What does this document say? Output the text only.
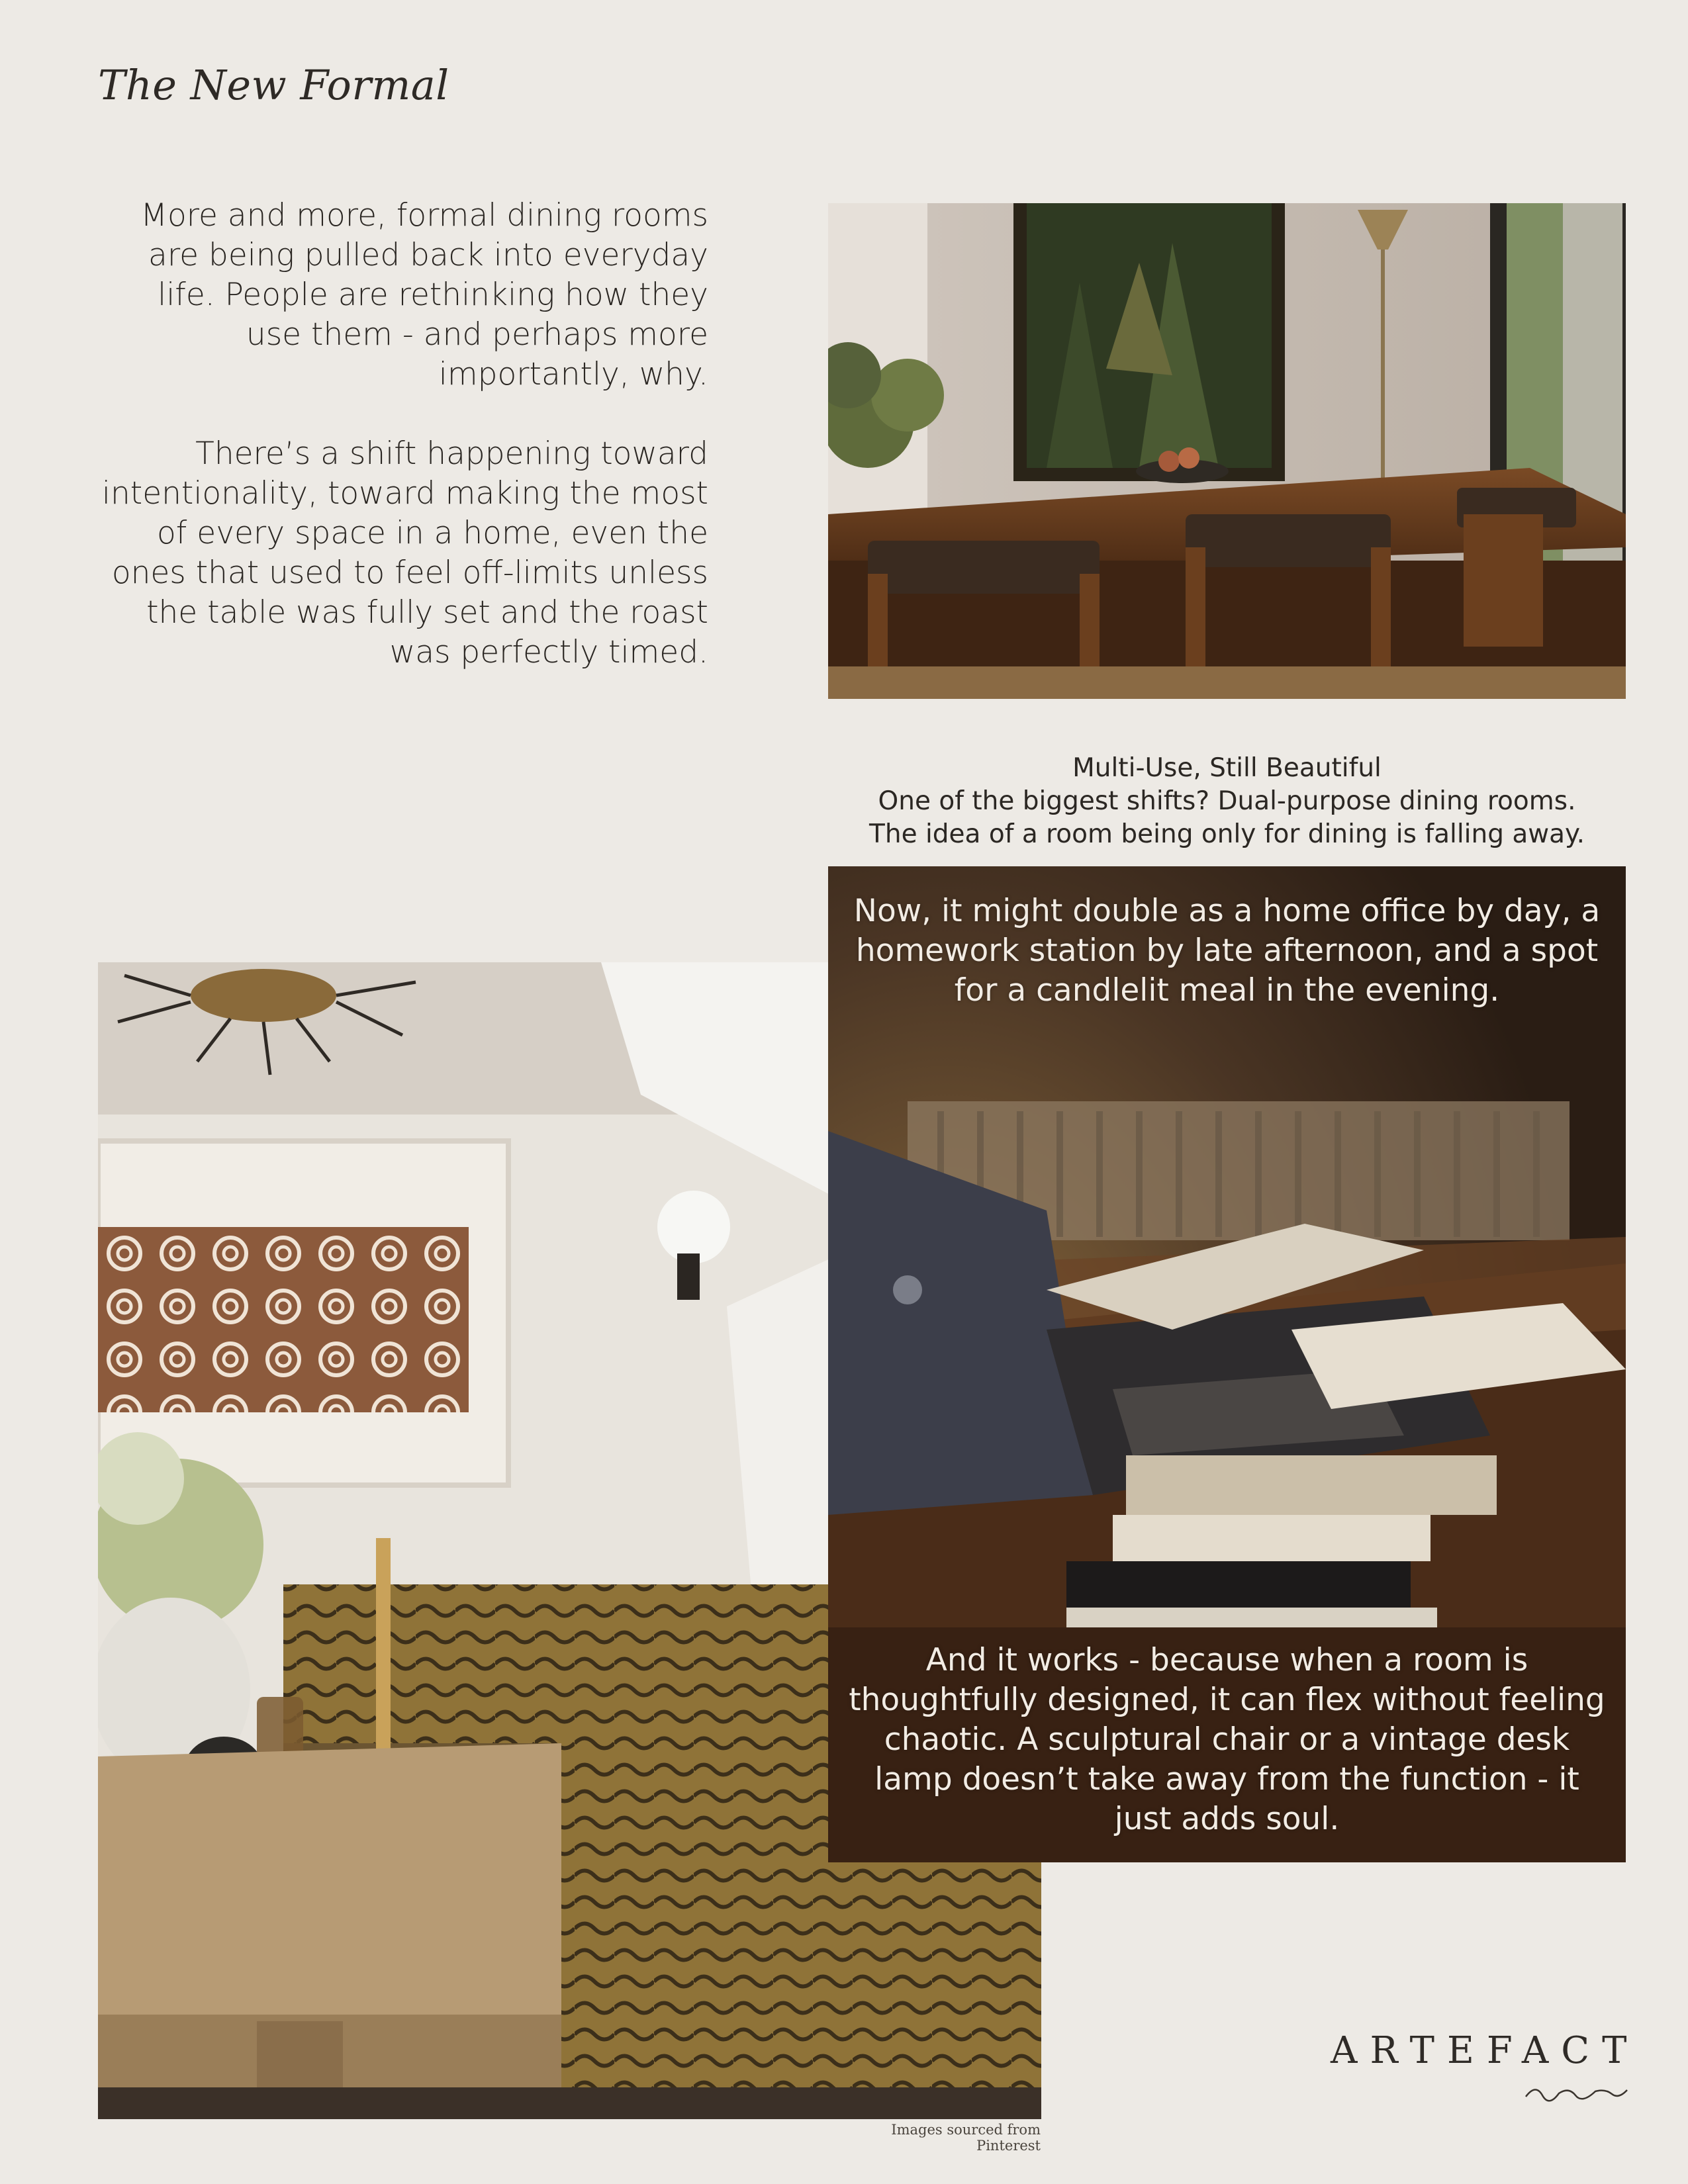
The New Formal

More and more, formal dining rooms are being pulled back into everyday life. People are rethinking how they use them - and perhaps more importantly, why.

There’s a shift happening toward intentionality, toward making the most of every space in a home, even the ones that used to feel off-limits unless the table was fully set and the roast was perfectly timed.

Multi-Use, Still Beautiful
One of the biggest shifts? Dual-purpose dining rooms.
The idea of a room being only for dining is falling away.
Now, it might double as a home office by day, a homework station by late afternoon, and a spot for a candlelit meal in the evening.
And it works - because when a room is thoughtfully designed, it can flex without feeling chaotic. A sculptural chair or a vintage desk lamp doesn’t take away from the function - it just adds soul.
Images sourced from Pinterest
ARTEFACT
